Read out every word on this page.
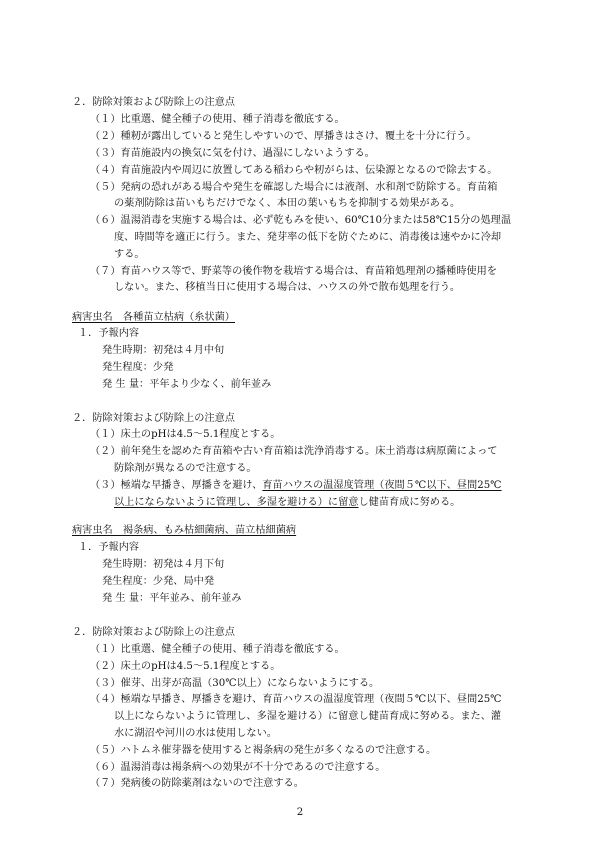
２．防除対策および防除上の注意点
（１）比重選、健全種子の使用、種子消毒を徹底する。
（２）種籾が露出していると発生しやすいので、厚播きはさけ、覆土を十分に行う。
（３）育苗施設内の換気に気を付け、過湿にしないようする。
（４）育苗施設内や周辺に放置してある稲わらや籾がらは、伝染源となるので除去する。
（５）発病の恐れがある場合や発生を確認した場合には液剤、水和剤で防除する。育苗箱
の薬剤防除は苗いもちだけでなく、本田の葉いもちを抑制する効果がある。
（６）温湯消毒を実施する場合は、必ず乾もみを使い、60℃10分または58℃15分の処理温
度、時間等を適正に行う。また、発芽率の低下を防ぐために、消毒後は速やかに冷却
する。
（７）育苗ハウス等で、野菜等の後作物を栽培する場合は、育苗箱処理剤の播種時使用を
しない。また、移植当日に使用する場合は、ハウスの外で散布処理を行う。
病害虫名　各種苗立枯病（糸状菌）
１．予報内容
発生時期：初発は４月中旬
発生程度：少発
発 生 量：平年より少なく、前年並み
２．防除対策および防除上の注意点
（１）床土のpHは4.5～5.1程度とする。
（２）前年発生を認めた育苗箱や古い育苗箱は洗浄消毒する。床土消毒は病原菌によって
防除剤が異なるので注意する。
（３）極端な早播き、厚播きを避け、育苗ハウスの温湿度管理（夜間５℃以下、昼間25℃
以上にならないように管理し、多湿を避ける）に留意し健苗育成に努める。
病害虫名　褐条病、もみ枯細菌病、苗立枯細菌病
１．予報内容
発生時期：初発は４月下旬
発生程度：少発、局中発
発 生 量：平年並み、前年並み
２．防除対策および防除上の注意点
（１）比重選、健全種子の使用、種子消毒を徹底する。
（２）床土のpHは4.5～5.1程度とする。
（３）催芽、出芽が高温（30℃以上）にならないようにする。
（４）極端な早播き、厚播きを避け、育苗ハウスの温湿度管理（夜間５℃以下、昼間25℃
以上にならないように管理し、多湿を避ける）に留意し健苗育成に努める。また、灌
水に湖沼や河川の水は使用しない。
（５）ハトムネ催芽器を使用すると褐条病の発生が多くなるので注意する。
（６）温湯消毒は褐条病への効果が不十分であるので注意する。
（７）発病後の防除薬剤はないので注意する。
2
